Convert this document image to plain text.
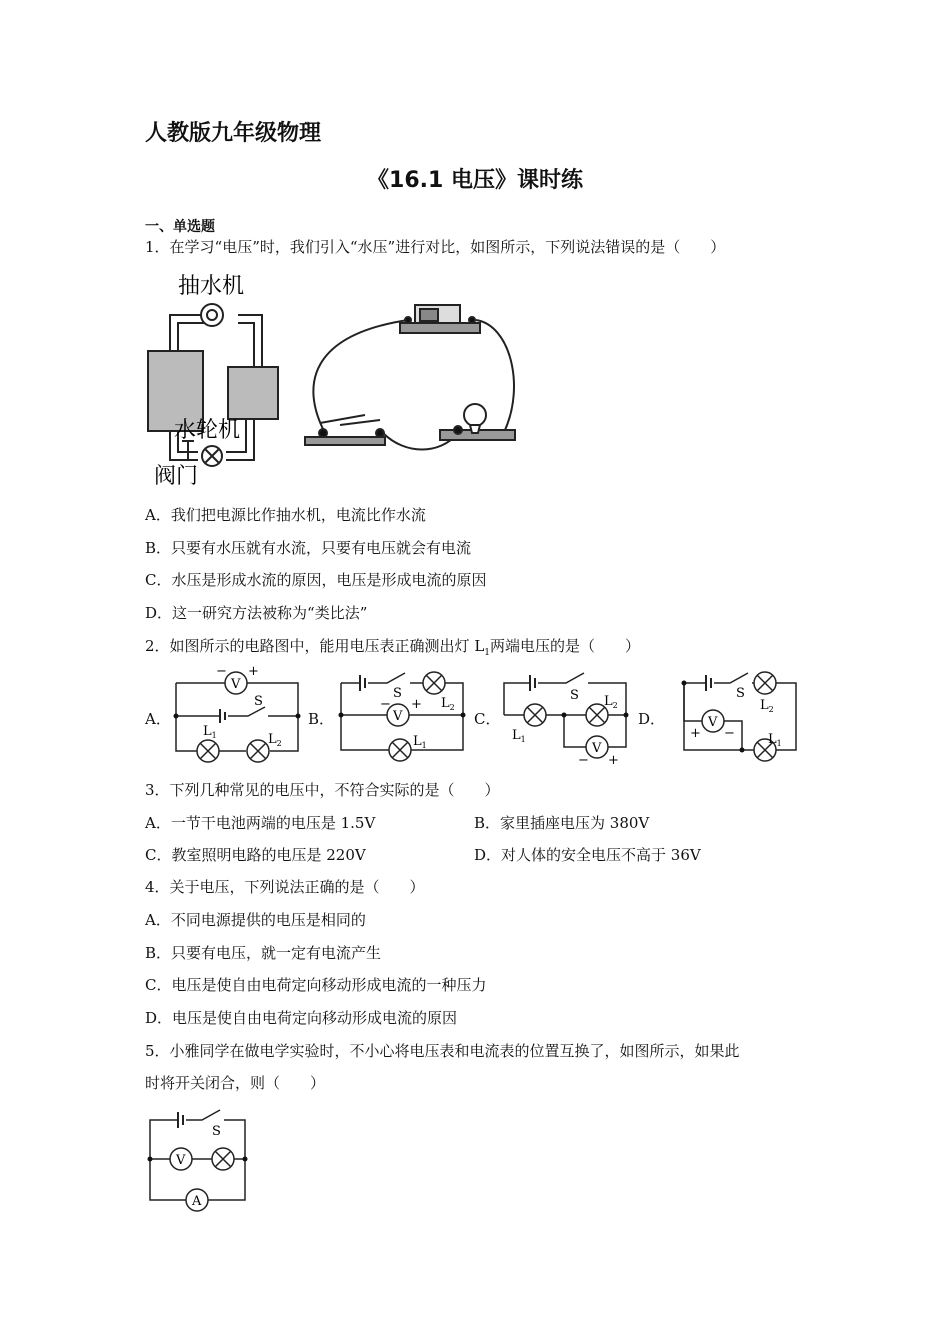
人教版九年级物理
《16.1 电压》课时练
一、单选题
1．在学习“电压”时，我们引入“水压”进行对比，如图所示，下列说法错误的是（　　）
抽水机
水轮机
阀门
A．我们把电源比作抽水机，电流比作水流
B．只要有水压就有水流，只要有电压就会有电流
C．水压是形成水流的原因，电压是形成电流的原因
D．这一研究方法被称为“类比法”
2．如图所示的电路图中，能用电压表正确测出灯 $L_1$两端电压的是（　　）
A．	B．	C．	D．
V
− +
S
$L_1$	$L_2$
V
− +
S
$L_2$
$L_1$	V
− +
S
$L_1$
$L_2$
V
+ −
S
$L_2$
$L_1$
3．下列几种常见的电压中，不符合实际的是（　　）
A．一节干电池两端的电压是 1.5V	B．家里插座电压为 380V
C．教室照明电路的电压是 220V	D．对人体的安全电压不高于 36V
4．关于电压，下列说法正确的是（　　）
A．不同电源提供的电压是相同的
B．只要有电压，就一定有电流产生
C．电压是使自由电荷定向移动形成电流的一种压力
D．电压是使自由电荷定向移动形成电流的原因
5．小雅同学在做电学实验时，不小心将电压表和电流表的位置互换了，如图所示，如果此
时将开关闭合，则（　　）
V
A
S
